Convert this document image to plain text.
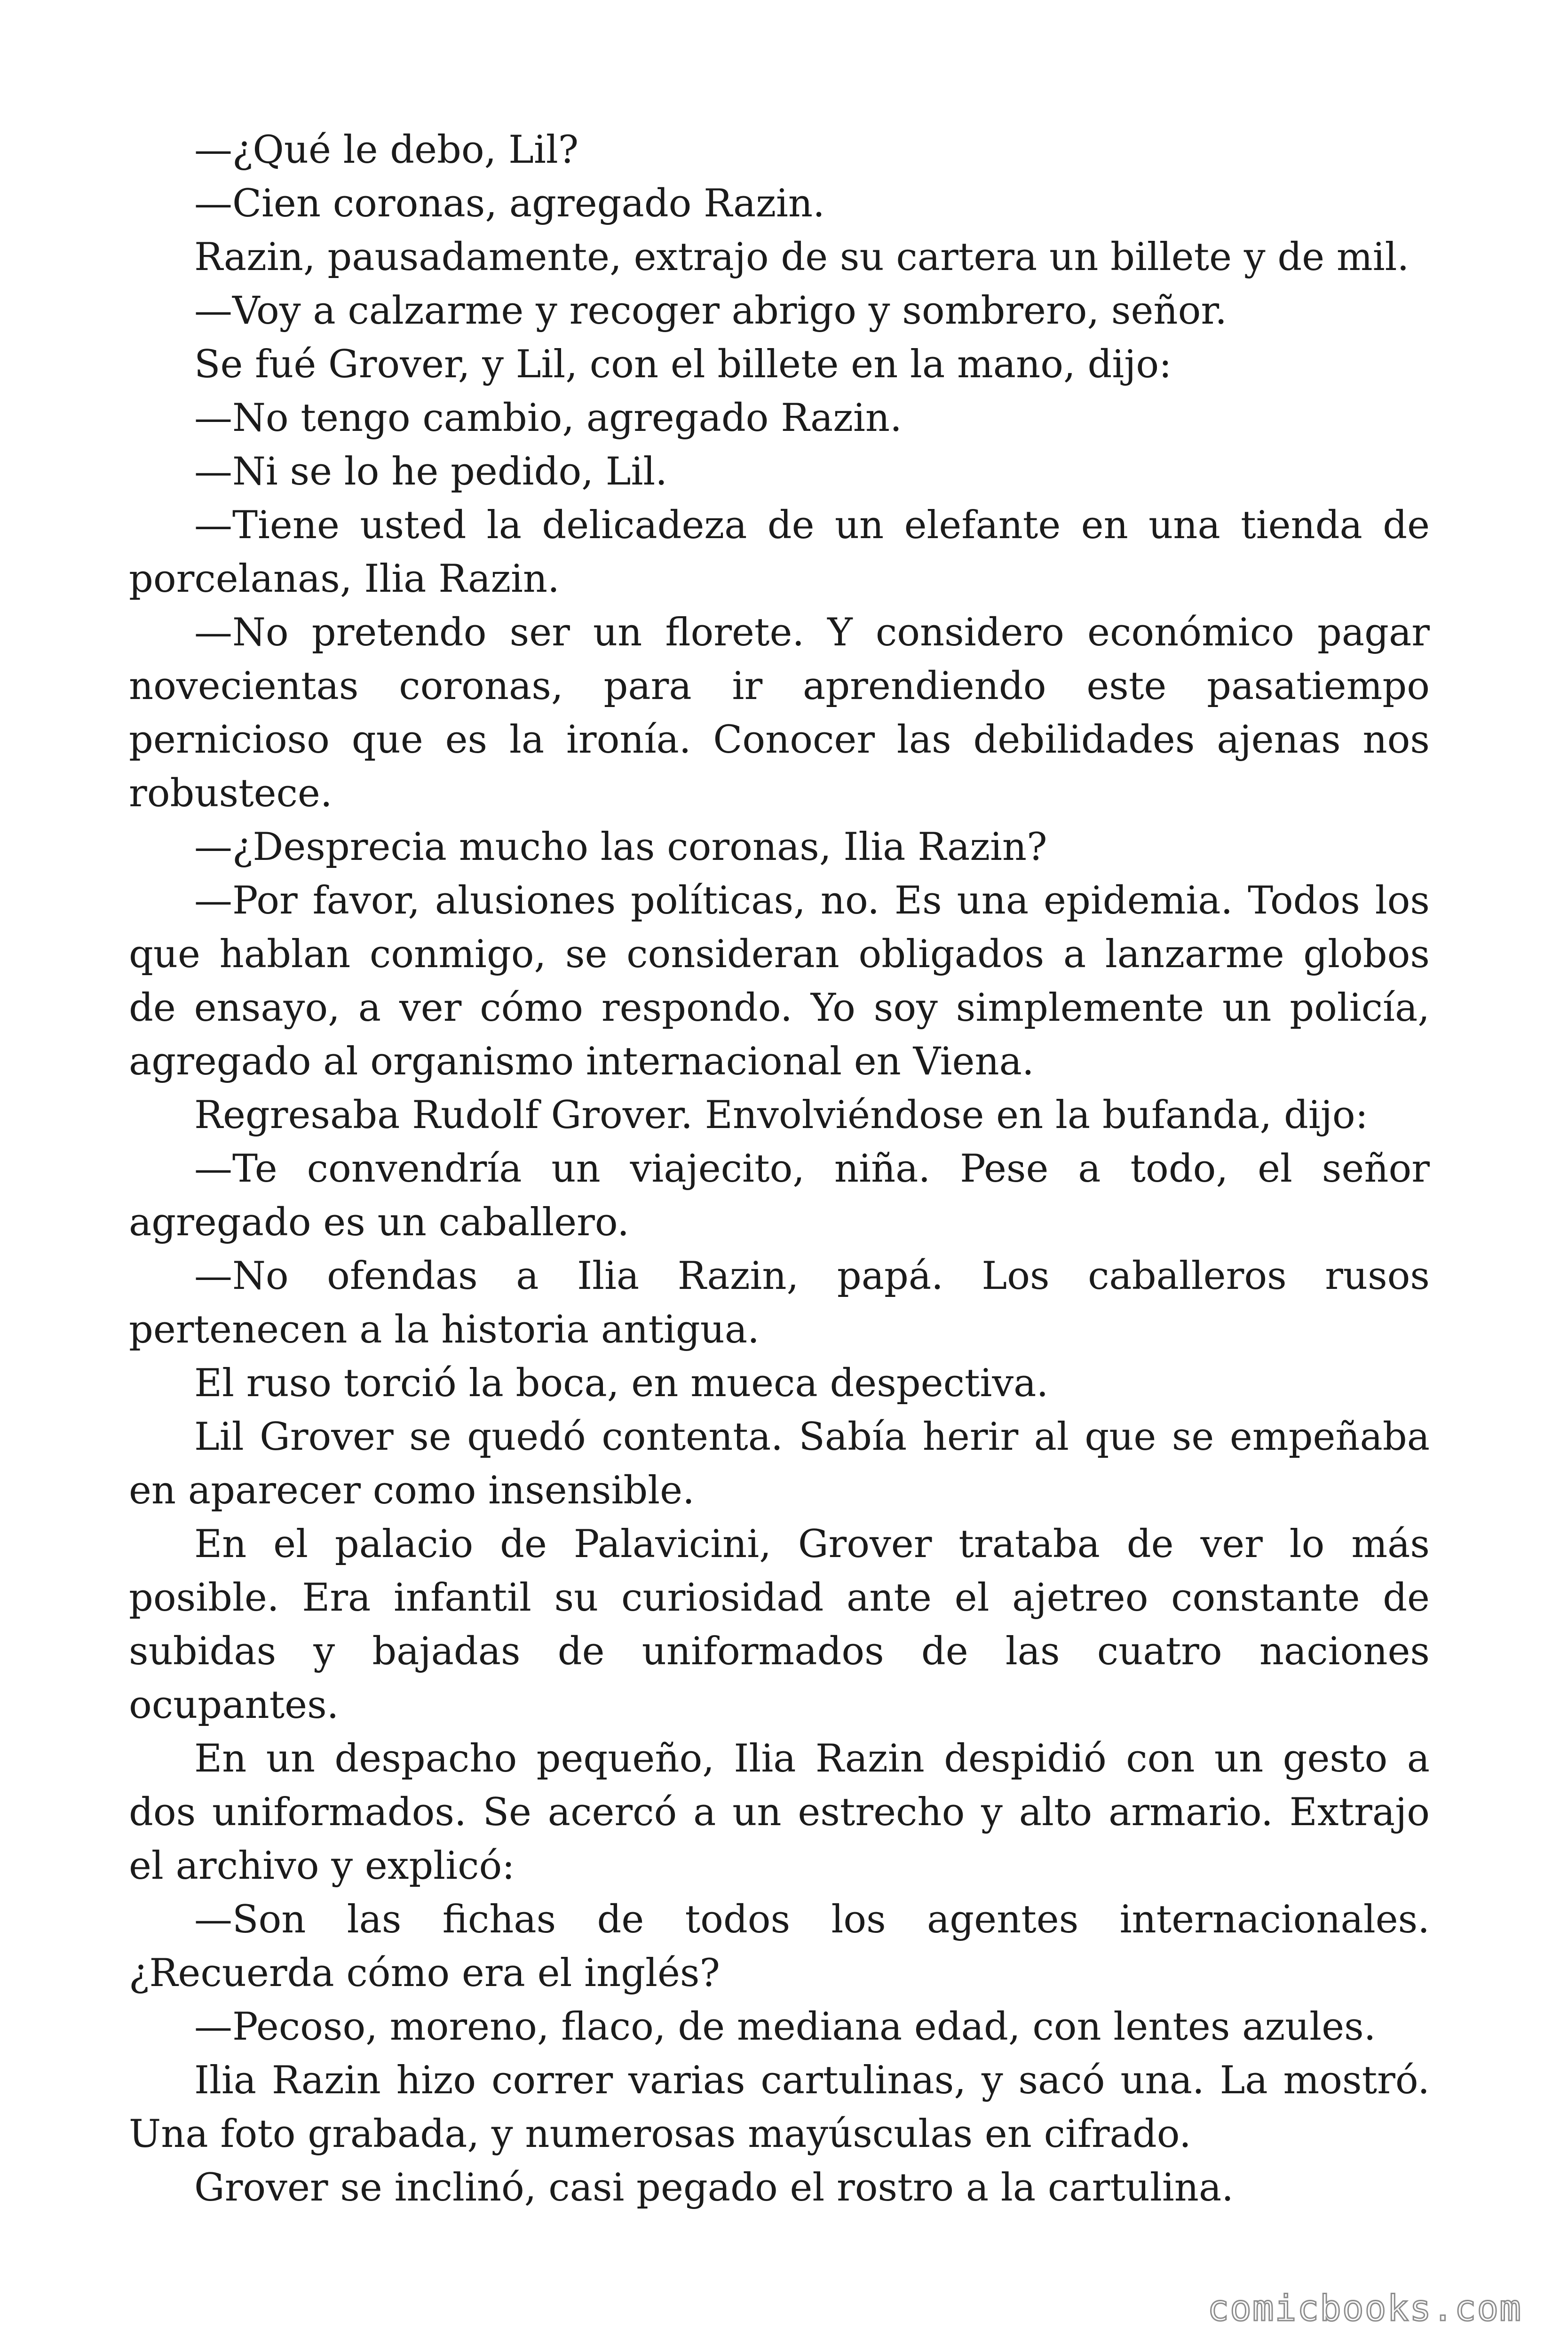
—¿Qué le debo, Lil?

—Cien coronas, agregado Razin.

Razin, pausadamente, extrajo de su cartera un billete y de mil.

—Voy a calzarme y recoger abrigo y sombrero, señor.

Se fué Grover, y Lil, con el billete en la mano, dijo:

—No tengo cambio, agregado Razin.

—Ni se lo he pedido, Lil.

—Tiene usted la delicadeza de un elefante en una tienda de porcelanas, Ilia Razin.

—No pretendo ser un florete. Y considero económico pagar novecientas coronas, para ir aprendiendo este pasatiempo pernicioso que es la ironía. Conocer las debilidades ajenas nos robustece.

—¿Desprecia mucho las coronas, Ilia Razin?

—Por favor, alusiones políticas, no. Es una epidemia. Todos los que hablan conmigo, se consideran obligados a lanzarme globos de ensayo, a ver cómo respondo. Yo soy simplemente un policía, agregado al organismo internacional en Viena.

Regresaba Rudolf Grover. Envolviéndose en la bufanda, dijo:

—Te convendría un viajecito, niña. Pese a todo, el señor agregado es un caballero.

—No ofendas a Ilia Razin, papá. Los caballeros rusos pertenecen a la historia antigua.

El ruso torció la boca, en mueca despectiva.

Lil Grover se quedó contenta. Sabía herir al que se empeñaba en aparecer como insensible.

En el palacio de Palavicini, Grover trataba de ver lo más posible. Era infantil su curiosidad ante el ajetreo constante de subidas y bajadas de uniformados de las cuatro naciones ocupantes.

En un despacho pequeño, Ilia Razin despidió con un gesto a dos uniformados. Se acercó a un estrecho y alto armario. Extrajo el archivo y explicó:

—Son las fichas de todos los agentes internacionales. ¿Recuerda cómo era el inglés?

—Pecoso, moreno, flaco, de mediana edad, con lentes azules.

Ilia Razin hizo correr varias cartulinas, y sacó una. La mostró. Una foto grabada, y numerosas mayúsculas en cifrado.

Grover se inclinó, casi pegado el rostro a la cartulina.

comicbooks.com
